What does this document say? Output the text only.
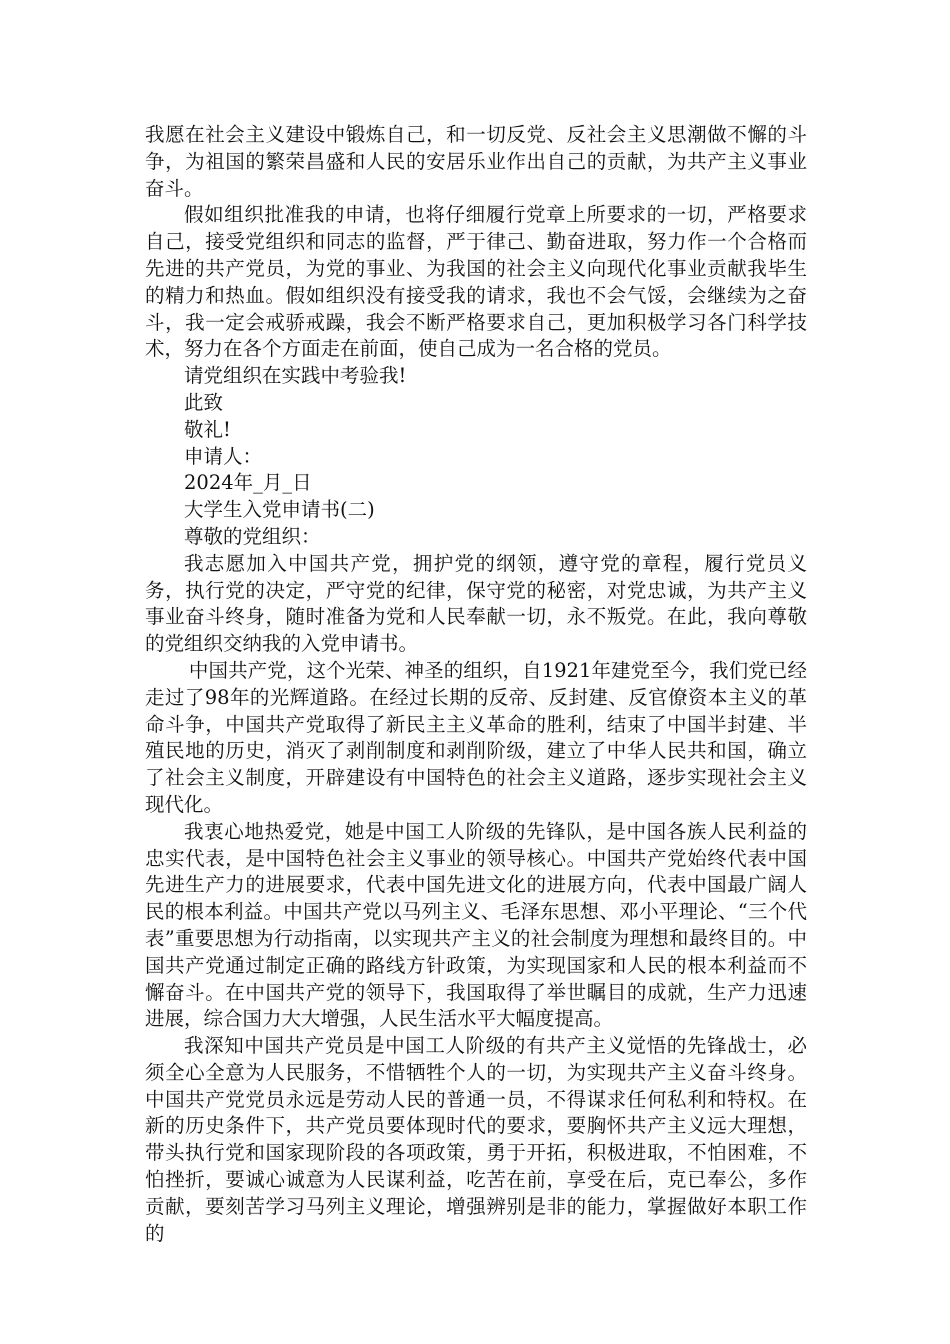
我愿在社会主义建设中锻炼自己，和一切反党、反社会主义思潮做不懈的斗争，为祖国的繁荣昌盛和人民的安居乐业作出自己的贡献，为共产主义事业奋斗。

假如组织批准我的申请，也将仔细履行党章上所要求的一切，严格要求自己，接受党组织和同志的监督，严于律己、勤奋进取，努力作一个合格而先进的共产党员，为党的事业、为我国的社会主义向现代化事业贡献我毕生的精力和热血。假如组织没有接受我的请求，我也不会气馁，会继续为之奋斗，我一定会戒骄戒躁，我会不断严格要求自己，更加积极学习各门科学技术，努力在各个方面走在前面，使自己成为一名合格的党员。

请党组织在实践中考验我!

此致

敬礼!

申请人：

2024年_月_日

大学生入党申请书(二)

尊敬的党组织：

我志愿加入中国共产党，拥护党的纲领，遵守党的章程，履行党员义务，执行党的决定，严守党的纪律，保守党的秘密，对党忠诚，为共产主义事业奋斗终身，随时准备为党和人民奉献一切，永不叛党。在此，我向尊敬的党组织交纳我的入党申请书。

中国共产党，这个光荣、神圣的组织，自1921年建党至今，我们党已经走过了98年的光辉道路。在经过长期的反帝、反封建、反官僚资本主义的革命斗争，中国共产党取得了新民主主义革命的胜利，结束了中国半封建、半殖民地的历史，消灭了剥削制度和剥削阶级，建立了中华人民共和国，确立了社会主义制度，开辟建设有中国特色的社会主义道路，逐步实现社会主义现代化。

我衷心地热爱党，她是中国工人阶级的先锋队，是中国各族人民利益的忠实代表，是中国特色社会主义事业的领导核心。中国共产党始终代表中国先进生产力的进展要求，代表中国先进文化的进展方向，代表中国最广阔人民的根本利益。中国共产党以马列主义、毛泽东思想、邓小平理论、“三个代表”重要思想为行动指南，以实现共产主义的社会制度为理想和最终目的。中国共产党通过制定正确的路线方针政策，为实现国家和人民的根本利益而不懈奋斗。在中国共产党的领导下，我国取得了举世瞩目的成就，生产力迅速进展，综合国力大大增强，人民生活水平大幅度提高。

我深知中国共产党员是中国工人阶级的有共产主义觉悟的先锋战士，必须全心全意为人民服务，不惜牺牲个人的一切，为实现共产主义奋斗终身。中国共产党党员永远是劳动人民的普通一员，不得谋求任何私利和特权。在新的历史条件下，共产党员要体现时代的要求，要胸怀共产主义远大理想，带头执行党和国家现阶段的各项政策，勇于开拓，积极进取，不怕困难，不怕挫折，要诚心诚意为人民谋利益，吃苦在前，享受在后，克已奉公，多作贡献，要刻苦学习马列主义理论，增强辨别是非的能力，掌握做好本职工作的
